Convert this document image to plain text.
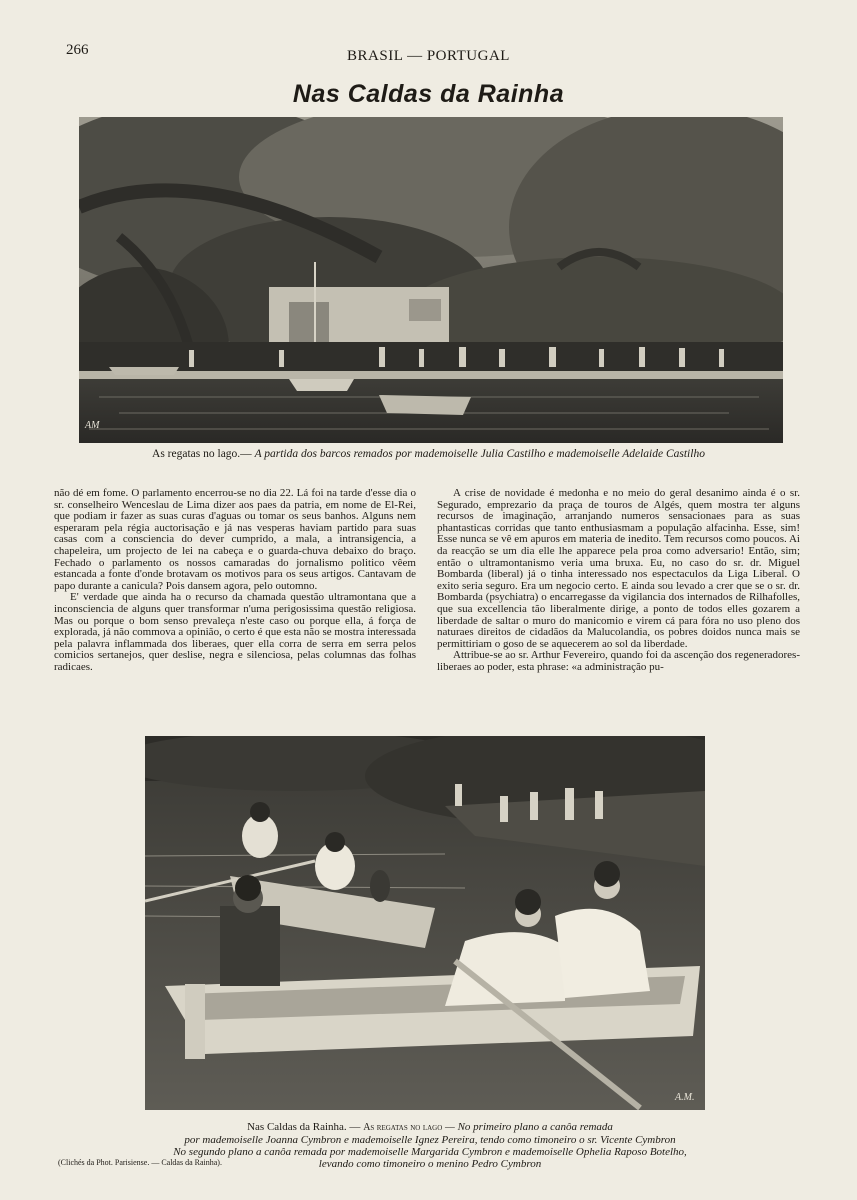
266	BRASIL — PORTUGAL
Nas Caldas da Rainha
AM
As regatas no lago.— A partida dos barcos remados por mademoiselle Julia Castilho e mademoiselle Adelaide Castilho

não dé em fome. O parlamento encerrou-se no dia 22. Lá foi na tarde d'esse dia o sr. conselheiro Wenceslau de Lima dizer aos paes da patria, em nome de El-Rei, que podiam ir fazer as suas curas d'aguas ou tomar os seus banhos. Alguns nem esperaram pela régia auctorisação e já nas vesperas haviam partido para suas casas com a consciencia do dever cumprido, a mala, a intransigencia, a chapeleira, um projecto de lei na cabeça e o guarda-chuva debaixo do braço. Fechado o parlamento os nossos camaradas do jornalismo politico vêem estancada a fonte d'onde brotavam os motivos para os seus artigos. Cantavam de papo durante a canicula? Pois dansem agora, pelo outomno.

E' verdade que ainda ha o recurso da chamada questão ultramontana que a inconsciencia de alguns quer transformar n'uma perigosissima questão religiosa. Mas ou porque o bom senso prevaleça n'este caso ou porque ella, á força de explorada, já não commova a opinião, o certo é que esta não se mostra interessada pela palavra inflammada dos liberaes, quer ella corra de serra em serra pelos comicios sertanejos, quer deslise, negra e silenciosa, pelas columnas das folhas radicaes.

A crise de novidade é medonha e no meio do geral desanimo ainda é o sr. Segurado, emprezario da praça de touros de Algés, quem mostra ter alguns recursos de imaginação, arranjando numeros sensacionaes para as suas phantasticas corridas que tanto enthusiasmam a população alfacinha. Esse, sim! Esse nunca se vê em apuros em materia de inedito. Tem recursos como poucos. Ai da reacção se um dia elle lhe apparece pela proa como adversario! Então, sim; então o ultramontanismo veria uma bruxa. Eu, no caso do sr. dr. Miguel Bombarda (liberal) já o tinha interessado nos espectaculos da Liga Liberal. O exito seria seguro. Era um negocio certo. E ainda sou levado a crer que se o sr. dr. Bombarda (psychiatra) o encarregasse da vigilancia dos internados de Rilhafolles, que sua excellencia tão liberalmente dirige, a ponto de todos elles gozarem a liberdade de saltar o muro do manicomio e virem cá para fóra no uso pleno dos naturaes direitos de cidadãos da Malucolandia, os pobres doidos nunca mais se permittiriam o goso de se aquecerem ao sol da liberdade.

Attribue-se ao sr. Arthur Fevereiro, quando foi da ascenção dos regeneradores-liberaes ao poder, esta phrase: «a administração pu-

A.M.
Nas Caldas da Rainha. — As regatas no lago — No primeiro plano a canôa remada
por mademoiselle Joanna Cymbron e mademoiselle Ignez Pereira, tendo como timoneiro o sr. Vicente Cymbron
No segundo plano a canôa remada por mademoiselle Margarida Cymbron e mademoiselle Ophelia Raposo Botelho,
levando como timoneiro o menino Pedro Cymbron
(Clichés da Phot. Parisiense. — Caldas da Rainha).
